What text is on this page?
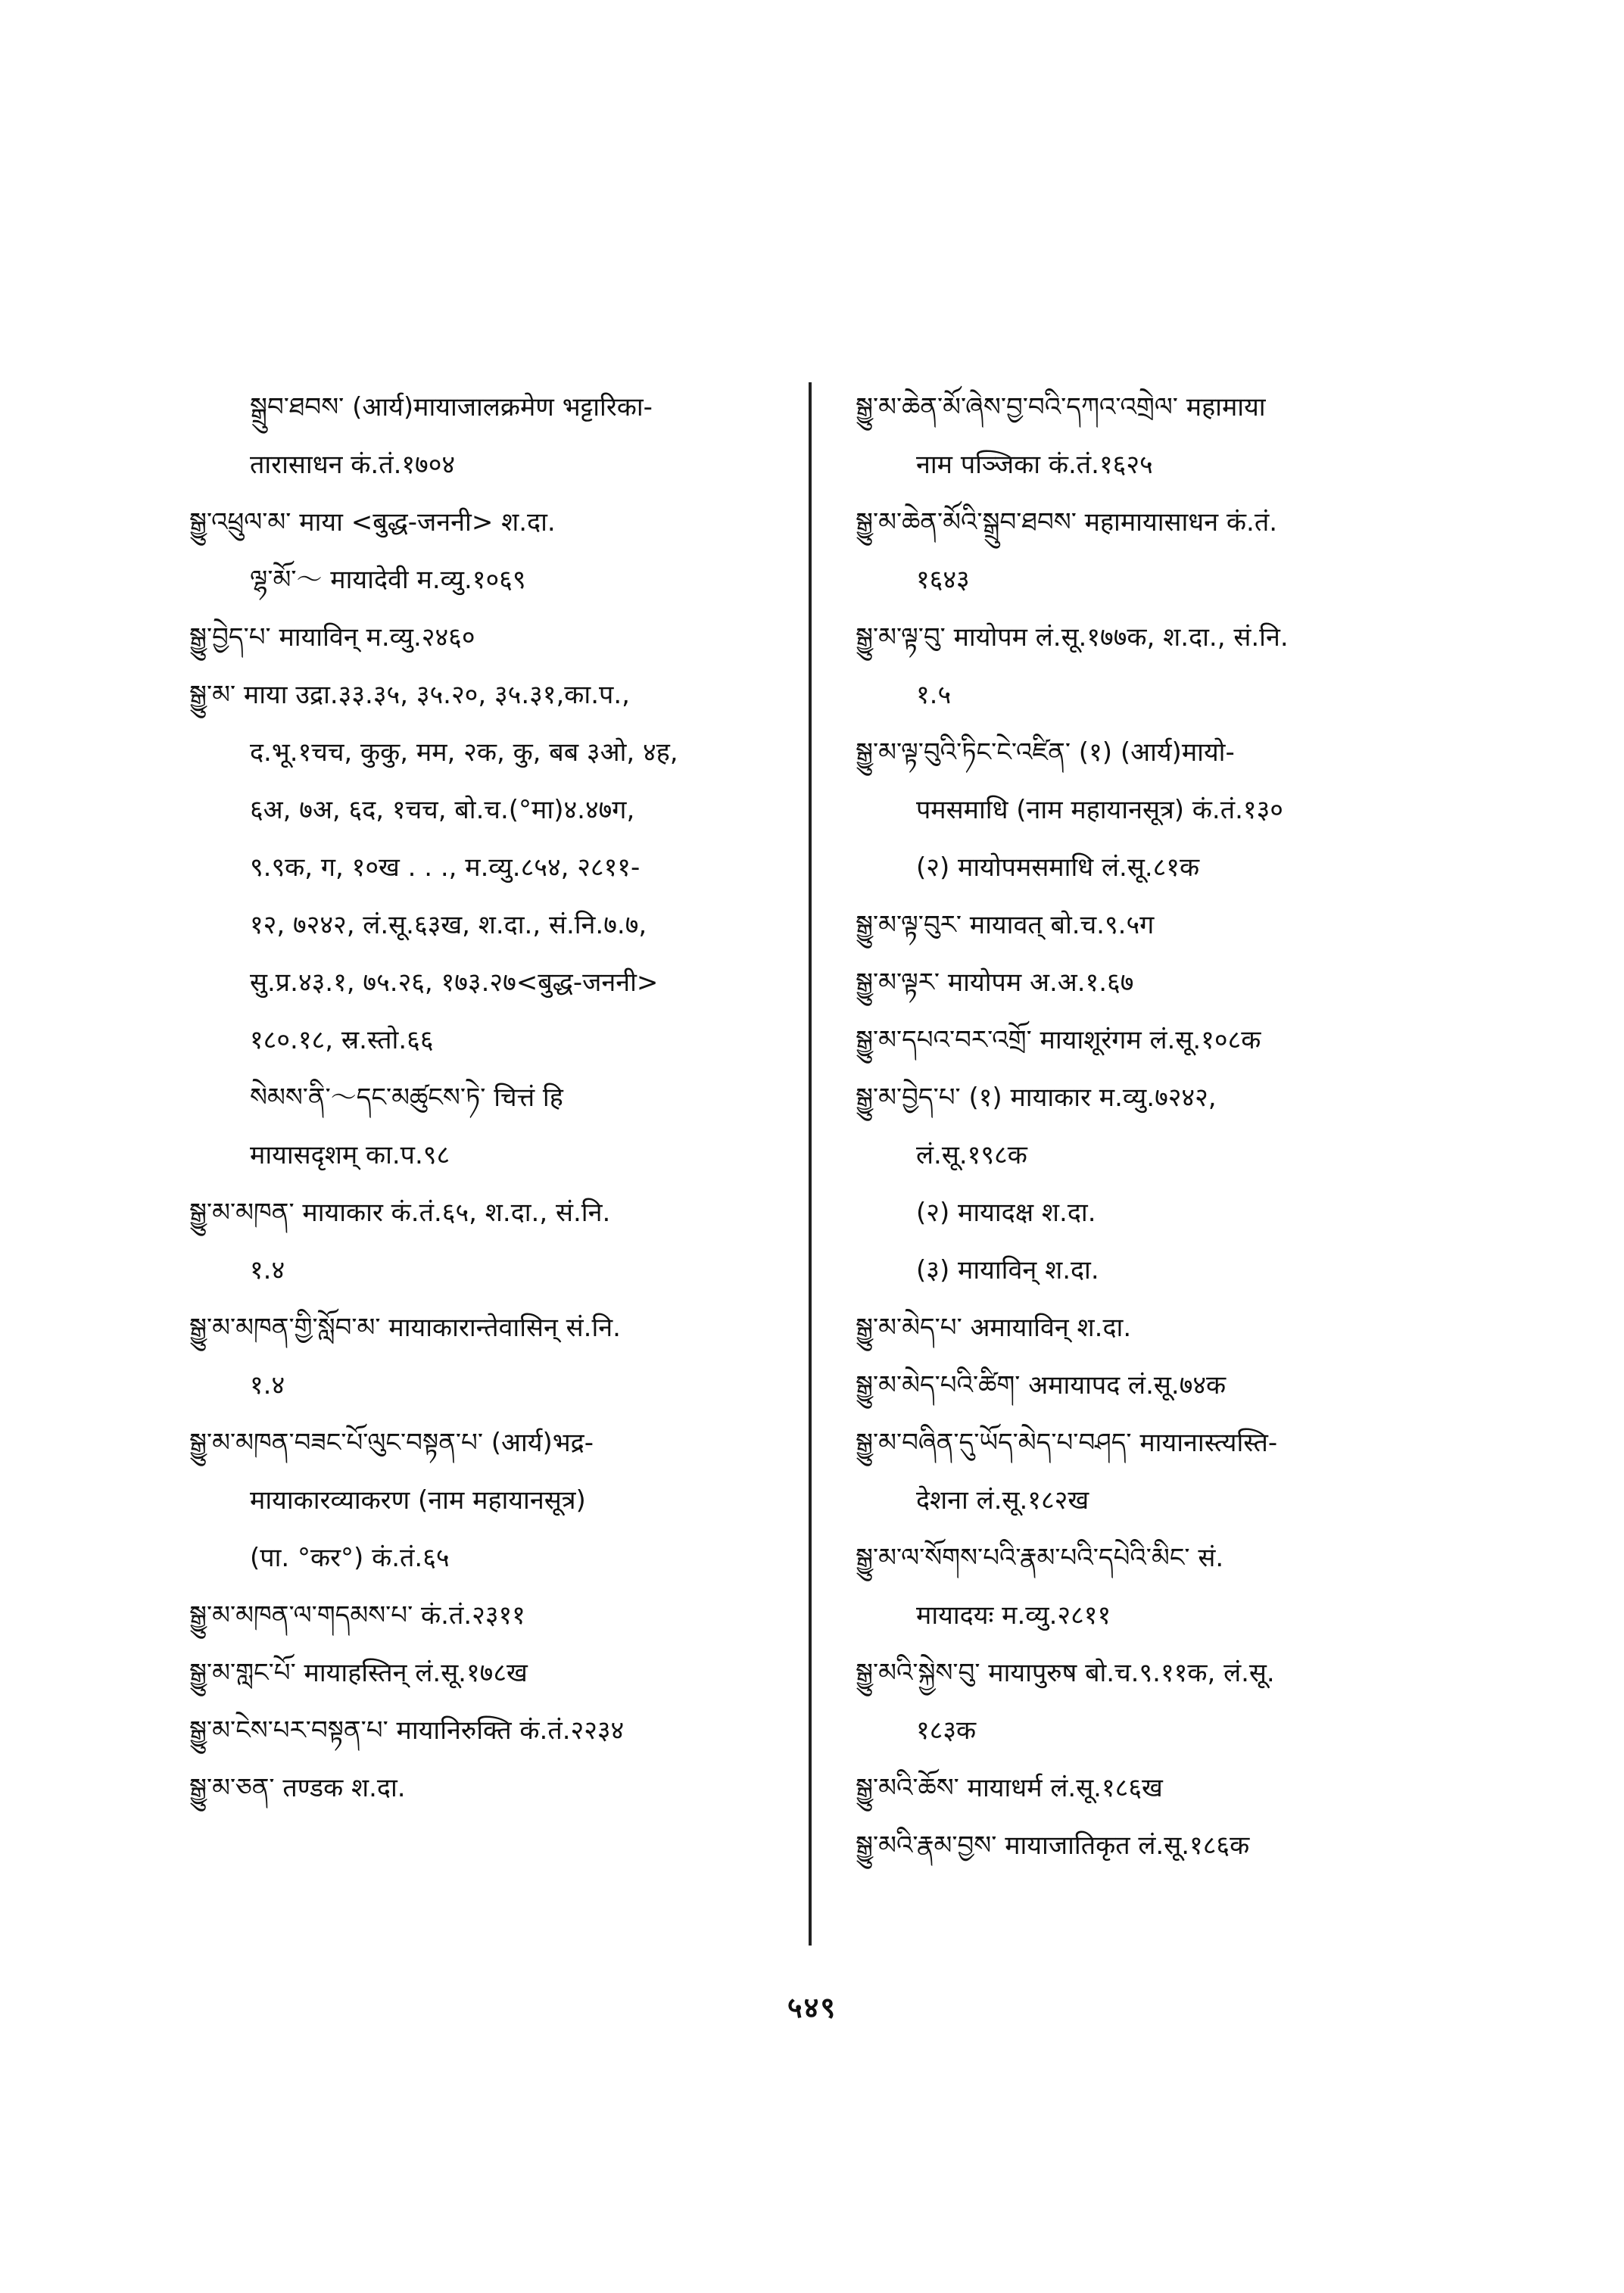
སྒྲུབ་ཐབས་ (आर्य)मायाजालक्रमेण भट्टारिका-

तारासाधन कं.तं.१७०४

སྒྱུ་འཕྲུལ་མ་ माया <बुद्ध-जननी> श.दा.

ལྷ་མོ་～ मायादेवी म.व्यु.१०६९

སྒྱུ་བྱེད་པ་ मायाविन् म.व्यु.२४६०

སྒྱུ་མ་ माया उद्रा.३३.३५, ३५.२०, ३५.३१,का.प.,

द.भू.१चच, कुकु, मम, २क, कु, बब ३ओ, ४ह,

६अ, ७अ, ६द, १चच, बो.च.(°मा)४.४७ग,

९.९क, ग, १०ख . . ., म.व्यु.८५४, २८११-

१२, ७२४२, लं.सू.६३ख, श.दा., सं.नि.७.७,

सु.प्र.४३.१, ७५.२६, १७३.२७<बुद्ध-जननी>

१८०.१८, स्र.स्तो.६६

སེམས་ནི་～དང་མཚུངས་ཏེ་ चित्तं हि

मायासदृशम् का.प.९८

སྒྱུ་མ་མཁན་ मायाकार कं.तं.६५, श.दा., सं.नि.

१.४

སྒྱུ་མ་མཁན་གྱི་སློབ་མ་ मायाकारान्तेवासिन् सं.नि.

१.४

སྒྱུ་མ་མཁན་བཟང་པོ་ལུང་བསྟན་པ་ (आर्य)भद्र-

मायाकारव्याकरण (नाम महायानसूत्र)

(पा. °कर°) कं.तं.६५

སྒྱུ་མ་མཁན་ལ་གདམས་པ་ कं.तं.२३११

སྒྱུ་མ་གླང་པོ་ मायाहस्तिन् लं.सू.१७८ख

སྒྱུ་མ་ངེས་པར་བསྟན་པ་ मायानिरुक्ति कं.तं.२२३४

སྒྱུ་མ་ཅན་ तण्डक श.दा.

སྒྱུ་མ་ཆེན་མོ་ཞེས་བྱ་བའི་དཀའ་འགྲེལ་ महामाया

नाम पञ्जिका कं.तं.१६२५

སྒྱུ་མ་ཆེན་མོའི་སྒྲུབ་ཐབས་ महामायासाधन कं.तं.

१६४३

སྒྱུ་མ་ལྟ་བུ་ मायोपम लं.सू.१७७क, श.दा., सं.नि.

१.५

སྒྱུ་མ་ལྟ་བུའི་ཏིང་ངེ་འཛིན་ (१) (आर्य)मायो-

पमसमाधि (नाम महायानसूत्र) कं.तं.१३०

(२) मायोपमसमाधि लं.सू.८१क

སྒྱུ་མ་ལྟ་བུར་ मायावत् बो.च.९.५ग

སྒྱུ་མ་ལྟར་ मायोपम अ.अ.१.६७

སྒྱུ་མ་དཔའ་བར་འགྲོ་ मायाशूरंगम लं.सू.१०८क

སྒྱུ་མ་བྱེད་པ་ (१) मायाकार म.व्यु.७२४२,

लं.सू.१९८क

(२) मायादक्ष श.दा.

(३) मायाविन् श.दा.

སྒྱུ་མ་མེད་པ་ अमायाविन् श.दा.

སྒྱུ་མ་མེད་པའི་ཚིག་ अमायापद लं.सू.७४क

སྒྱུ་མ་བཞིན་དུ་ཡོད་མེད་པ་བཤད་ मायानास्त्यस्ति-

देशना लं.सू.१८२ख

སྒྱུ་མ་ལ་སོགས་པའི་རྣམ་པའི་དཔེའི་མིང་ सं.

मायादयः म.व्यु.२८११

སྒྱུ་མའི་སྐྱེས་བུ་ मायापुरुष बो.च.९.११क, लं.सू.

१८३क

སྒྱུ་མའི་ཆོས་ मायाधर्म लं.सू.१८६ख

སྒྱུ་མའི་རྣམ་བྱས་ मायाजातिकृत लं.सू.१८६क

५४९
